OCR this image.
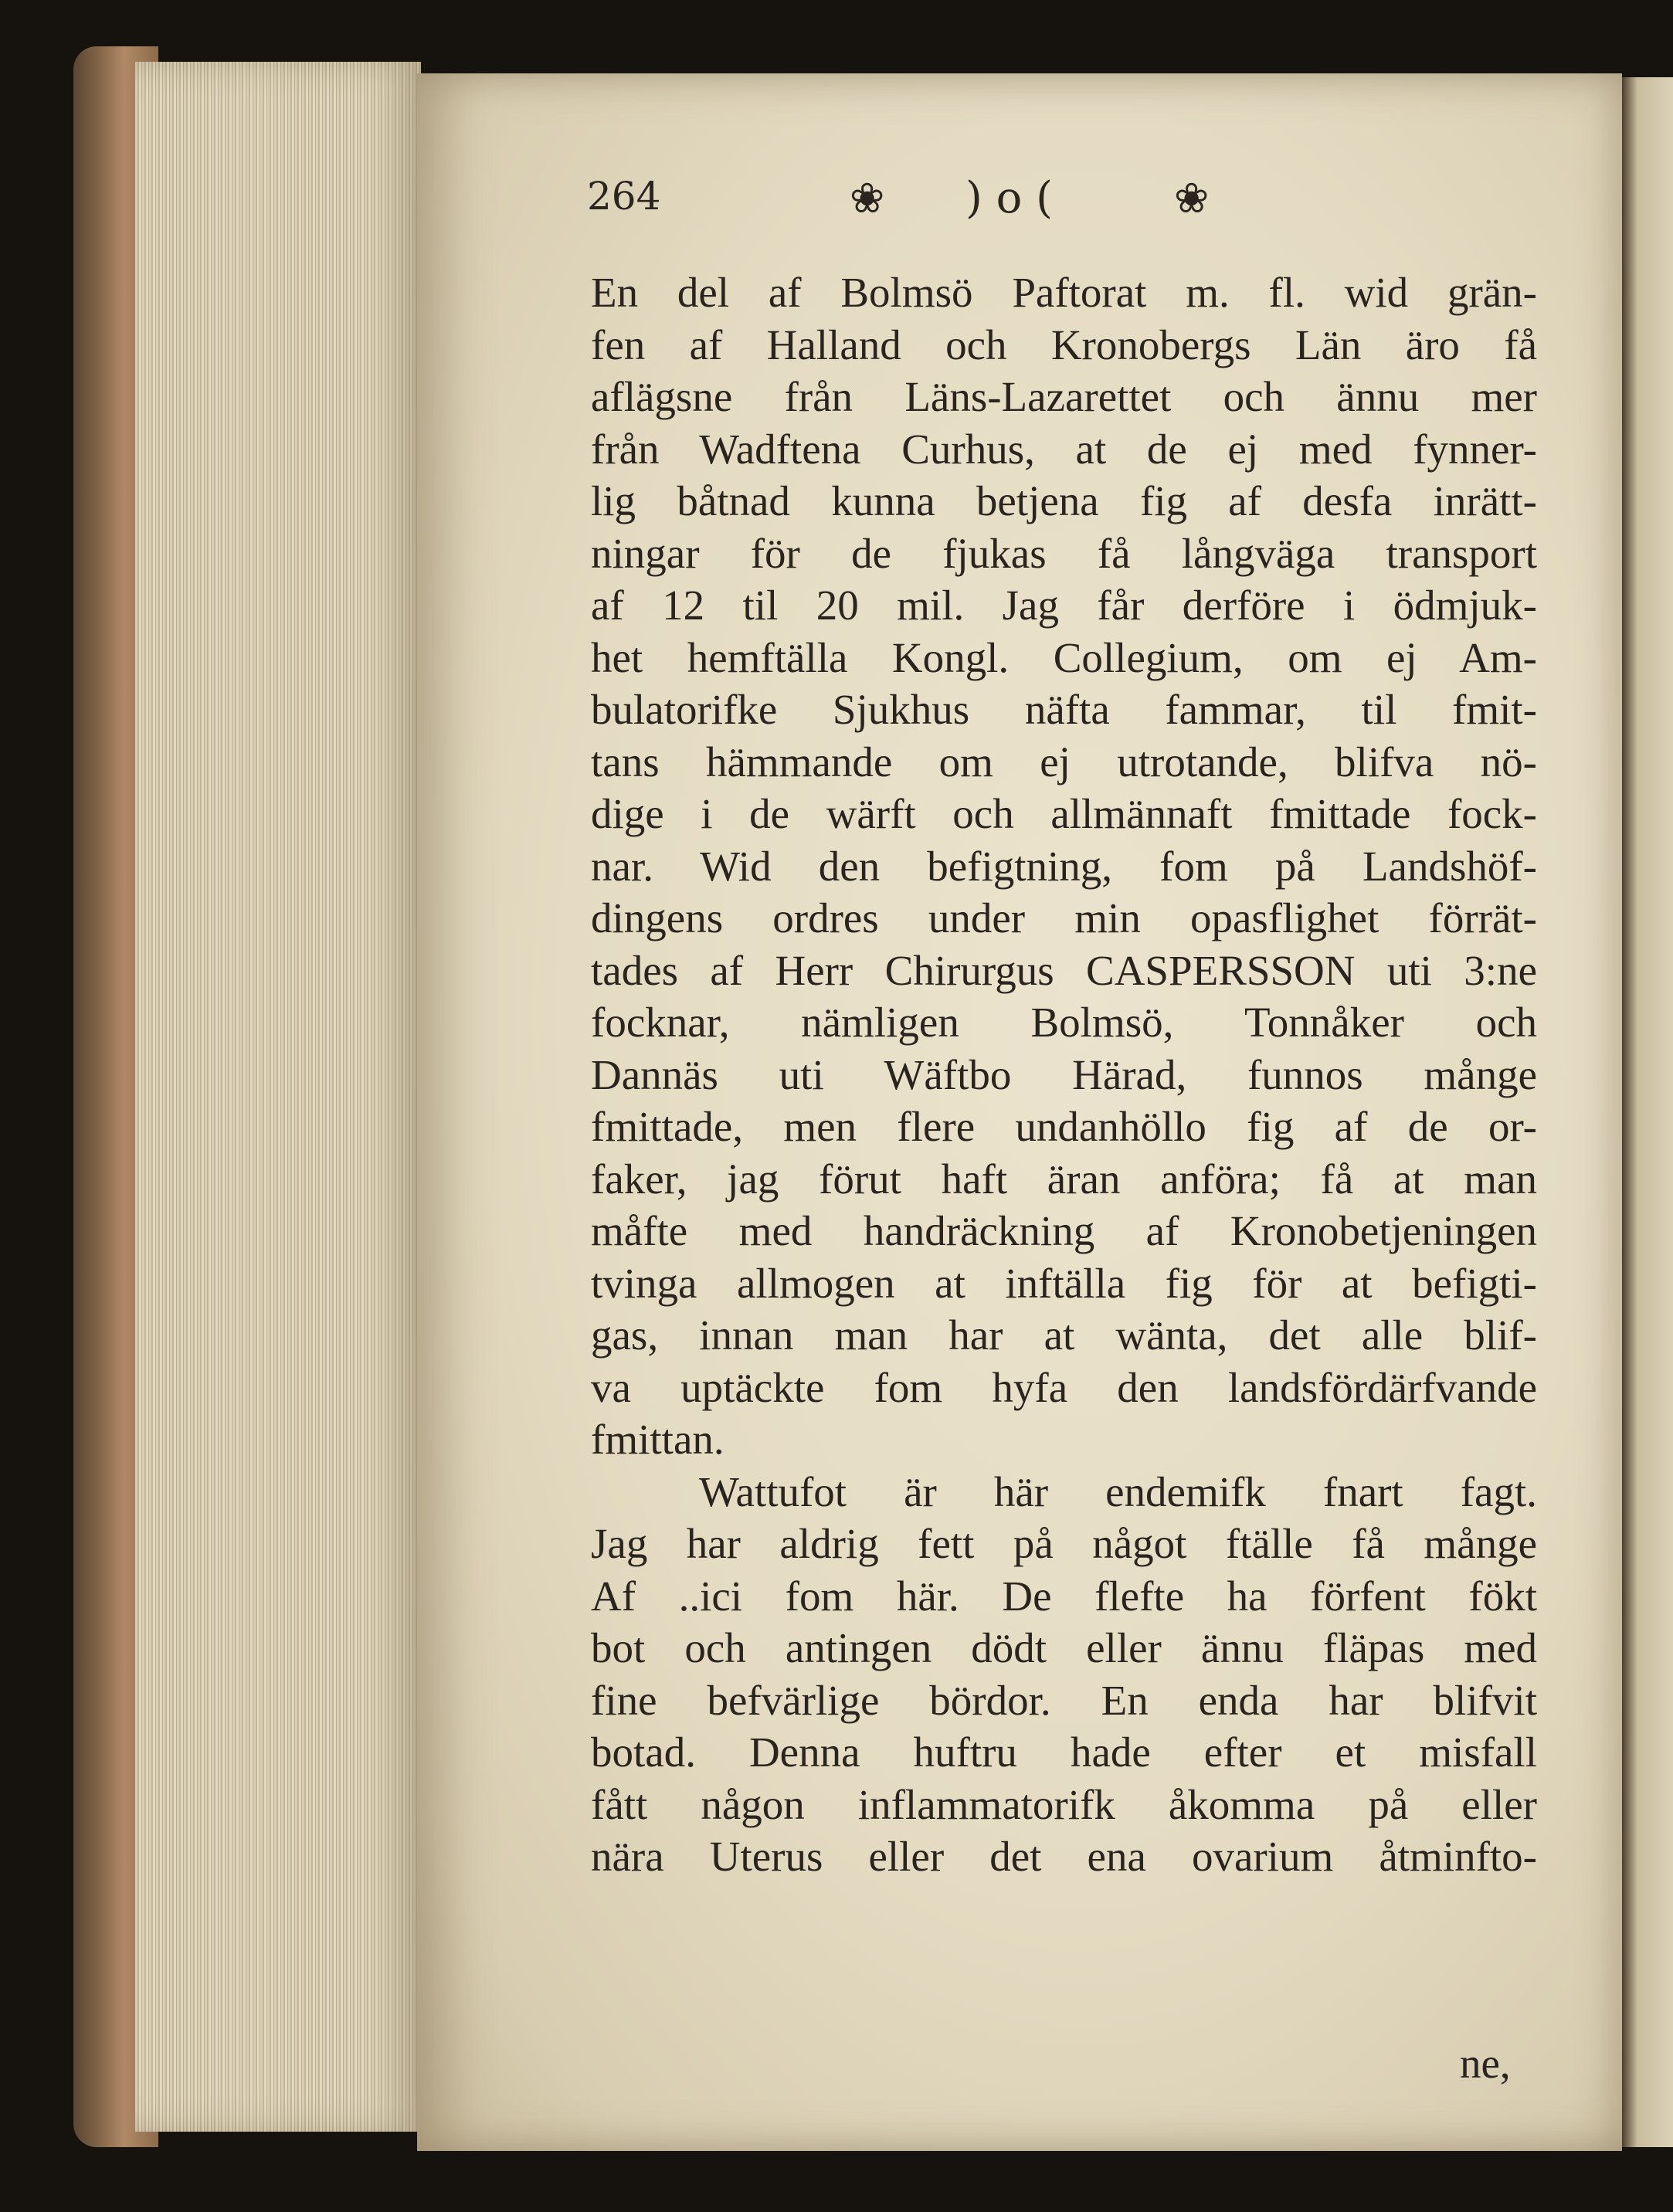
264	❀ ) o (	❀
En del af Bolmsö Paftorat m. fl. wid grän-
fen af Halland och Kronobergs Län äro få
aflägsne från Läns-Lazarettet och ännu mer
från Wadftena Curhus, at de ej med fynner-
lig båtnad kunna betjena fig af desfa inrätt-
ningar för de fjukas få långväga transport
af 12 til 20 mil. Jag får derföre i ödmjuk-
het hemftälla Kongl. Collegium, om ej Am-
bulatorifke Sjukhus näfta fammar, til fmit-
tans hämmande om ej utrotande, blifva nö-
dige i de wärft och allmännaft fmittade fock-
nar. Wid den befigtning, fom på Landshöf-
dingens ordres under min opasflighet förrät-
tades af Herr Chirurgus CASPERSSON uti 3:ne
focknar, nämligen Bolmsö, Tonnåker och
Dannäs uti Wäftbo Härad, funnos månge
fmittade, men flere undanhöllo fig af de or-
faker, jag förut haft äran anföra; få at man
måfte med handräckning af Kronobetjeningen
tvinga allmogen at inftälla fig för at befigti-
gas, innan man har at wänta, det alle blif-
va uptäckte fom hyfa den landsfördärfvande
fmittan.
Wattufot är här endemifk fnart fagt.
Jag har aldrig fett på något ftälle få månge
Af ..ici fom här. De flefte ha förfent fökt
bot och antingen dödt eller ännu fläpas med
fine befvärlige bördor. En enda har blifvit
botad. Denna huftru hade efter et misfall
fått någon inflammatorifk åkomma på eller
nära Uterus eller det ena ovarium åtminfto-
ne,
